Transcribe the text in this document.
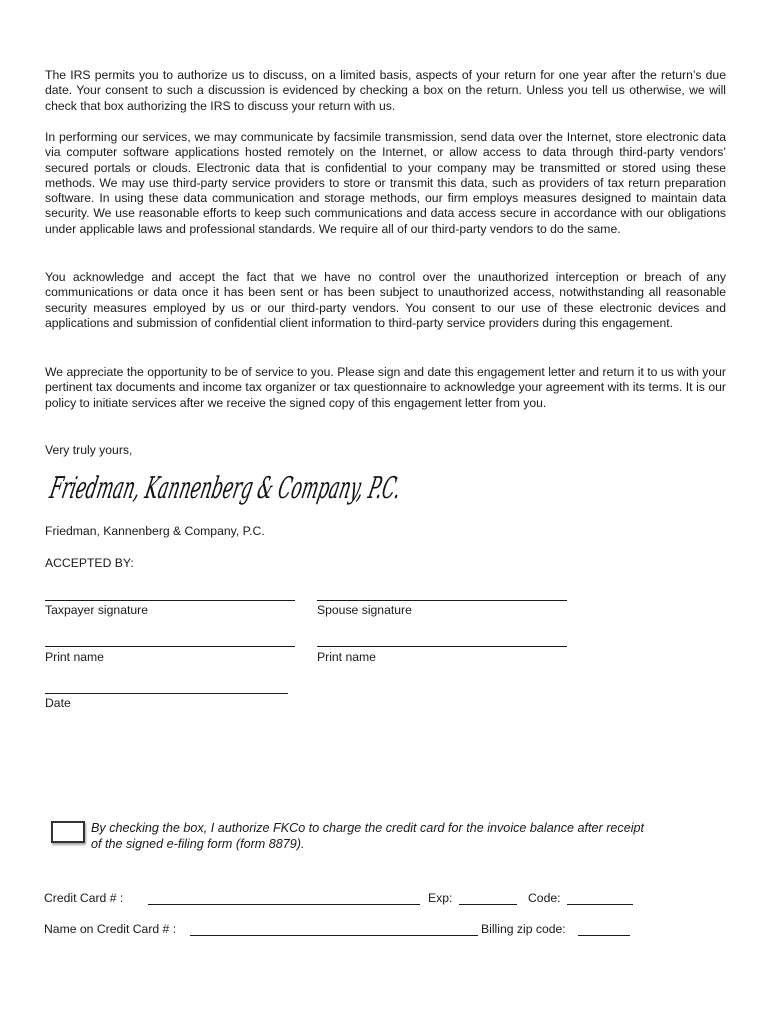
The IRS permits you to authorize us to discuss, on a limited basis, aspects of your return for one year after the return’s due date. Your consent to such a discussion is evidenced by checking a box on the return. Unless you tell us otherwise, we will check that box authorizing the IRS to discuss your return with us.

In performing our services, we may communicate by facsimile transmission, send data over the Internet, store electronic data via computer software applications hosted remotely on the Internet, or allow access to data through third-party vendors’ secured portals or clouds. Electronic data that is confidential to your company may be transmitted or stored using these methods. We may use third-party service providers to store or transmit this data, such as providers of tax return preparation software. In using these data communication and storage methods, our firm employs measures designed to maintain data security. We use reasonable efforts to keep such communications and data access secure in accordance with our obligations under applicable laws and professional standards. We require all of our third-party vendors to do the same.

You acknowledge and accept the fact that we have no control over the unauthorized interception or breach of any communications or data once it has been sent or has been subject to unauthorized access, notwithstanding all reasonable security measures employed by us or our third-party vendors. You consent to our use of these electronic devices and applications and submission of confidential client information to third-party service providers during this engagement.

We appreciate the opportunity to be of service to you. Please sign and date this engagement letter and return it to us with your pertinent tax documents and income tax organizer or tax questionnaire to acknowledge your agreement with its terms. It is our policy to initiate services after we receive the signed copy of this engagement letter from you.

Very truly yours,

Friedman, Kannenberg & Company, P.C.

Friedman, Kannenberg & Company, P.C.

ACCEPTED BY:

Taxpayer signature	Spouse signature
Print name	Print name
Date
By checking the box, I authorize FKCo to charge the credit card for the invoice balance after receipt of the signed e-filing form (form 8879).
Credit Card # :	Exp:	Code:
Name on Credit Card # :	Billing zip code:
